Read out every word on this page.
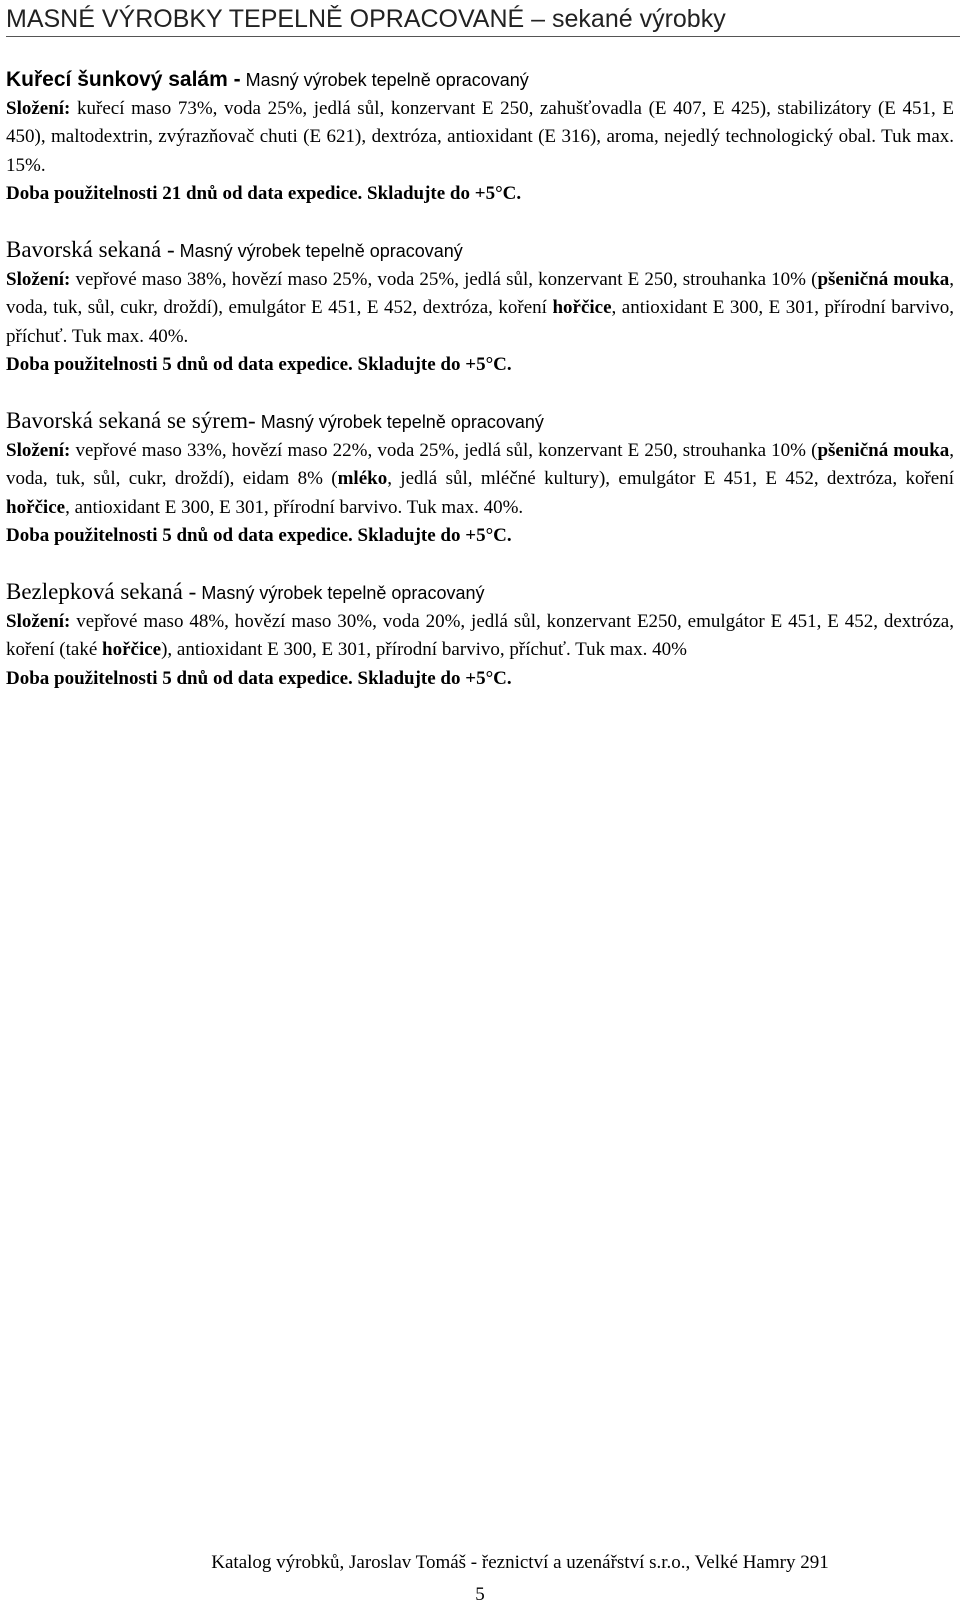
MASNÉ VÝROBKY TEPELNĚ OPRACOVANÉ – sekané výrobky

Kuřecí šunkový salám - Masný výrobek tepelně opracovaný

Složení: kuřecí maso 73%, voda 25%, jedlá sůl, konzervant E 250, zahušťovadla (E 407, E 425), stabilizátory (E 451, E 450), maltodextrin, zvýrazňovač chuti (E 621), dextróza, antioxidant (E 316), aroma, nejedlý technologický obal. Tuk max. 15%.

Doba použitelnosti 21 dnů od data expedice. Skladujte do +5°C.

Bavorská sekaná - Masný výrobek tepelně opracovaný

Složení: vepřové maso 38%, hovězí maso 25%, voda 25%, jedlá sůl, konzervant E 250, strouhanka 10% (pšeničná mouka, voda, tuk, sůl, cukr, droždí), emulgátor E 451, E 452, dextróza, koření hořčice, antioxidant E 300, E 301, přírodní barvivo, příchuť. Tuk max. 40%.

Doba použitelnosti 5 dnů od data expedice. Skladujte do +5°C.

Bavorská sekaná se sýrem- Masný výrobek tepelně opracovaný

Složení: vepřové maso 33%, hovězí maso 22%, voda 25%, jedlá sůl, konzervant E 250, strouhanka 10% (pšeničná mouka, voda, tuk, sůl, cukr, droždí), eidam 8% (mléko, jedlá sůl, mléčné kultury), emulgátor E 451, E 452, dextróza, koření hořčice, antioxidant E 300, E 301, přírodní barvivo. Tuk max. 40%.

Doba použitelnosti 5 dnů od data expedice. Skladujte do +5°C.

Bezlepková sekaná - Masný výrobek tepelně opracovaný

Složení: vepřové maso 48%, hovězí maso 30%, voda 20%, jedlá sůl, konzervant E250, emulgátor E 451, E 452, dextróza, koření (také hořčice), antioxidant E 300, E 301, přírodní barvivo, příchuť. Tuk max. 40%

Doba použitelnosti 5 dnů od data expedice. Skladujte do +5°C.

Katalog výrobků, Jaroslav Tomáš - řeznictví a uzenářství s.r.o., Velké Hamry 291
5
